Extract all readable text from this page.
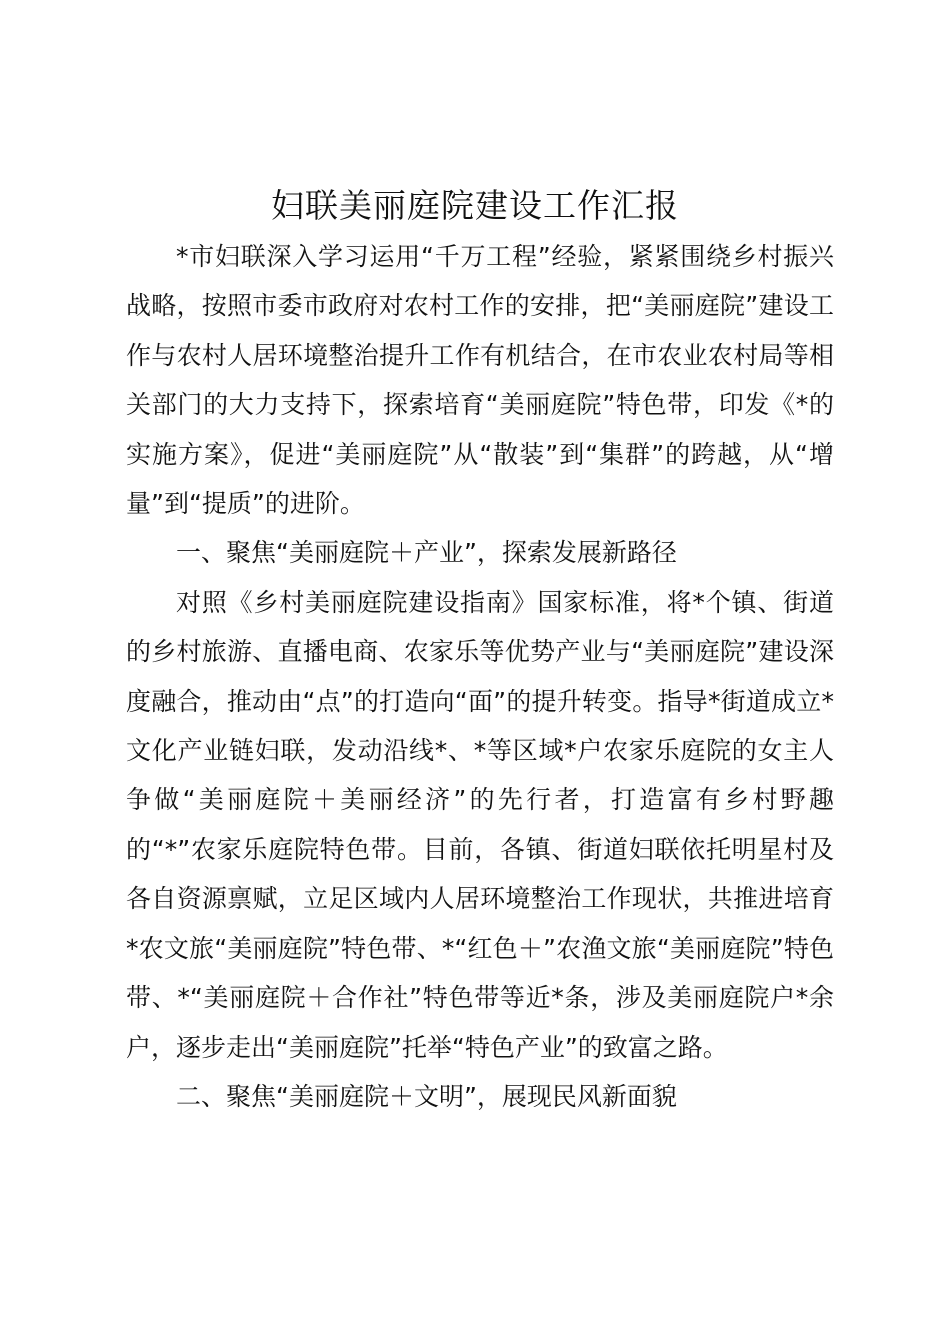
妇联美丽庭院建设工作汇报

*市妇联深入学习运用“千万工程”经验，紧紧围绕乡村振兴战略，按照市委市政府对农村工作的安排，把“美丽庭院”建设工作与农村人居环境整治提升工作有机结合，在市农业农村局等相关部门的大力支持下，探索培育“美丽庭院”特色带，印发《*的实施方案》，促进“美丽庭院”从“散装”到“集群”的跨越，从“增量”到“提质”的进阶。

一、聚焦“美丽庭院＋产业”，探索发展新路径

对照《乡村美丽庭院建设指南》国家标准，将*个镇、街道的乡村旅游、直播电商、农家乐等优势产业与“美丽庭院”建设深度融合，推动由“点”的打造向“面”的提升转变。指导*街道成立*文化产业链妇联，发动沿线*、*等区域*户农家乐庭院的女主人争做“美丽庭院＋美丽经济”的先行者，打造富有乡村野趣的“*”农家乐庭院特色带。目前，各镇、街道妇联依托明星村及各自资源禀赋，立足区域内人居环境整治工作现状，共推进培育*农文旅“美丽庭院”特色带、*“红色＋”农渔文旅“美丽庭院”特色带、*“美丽庭院＋合作社”特色带等近*条，涉及美丽庭院户*余户，逐步走出“美丽庭院”托举“特色产业”的致富之路。

二、聚焦“美丽庭院＋文明”，展现民风新面貌
